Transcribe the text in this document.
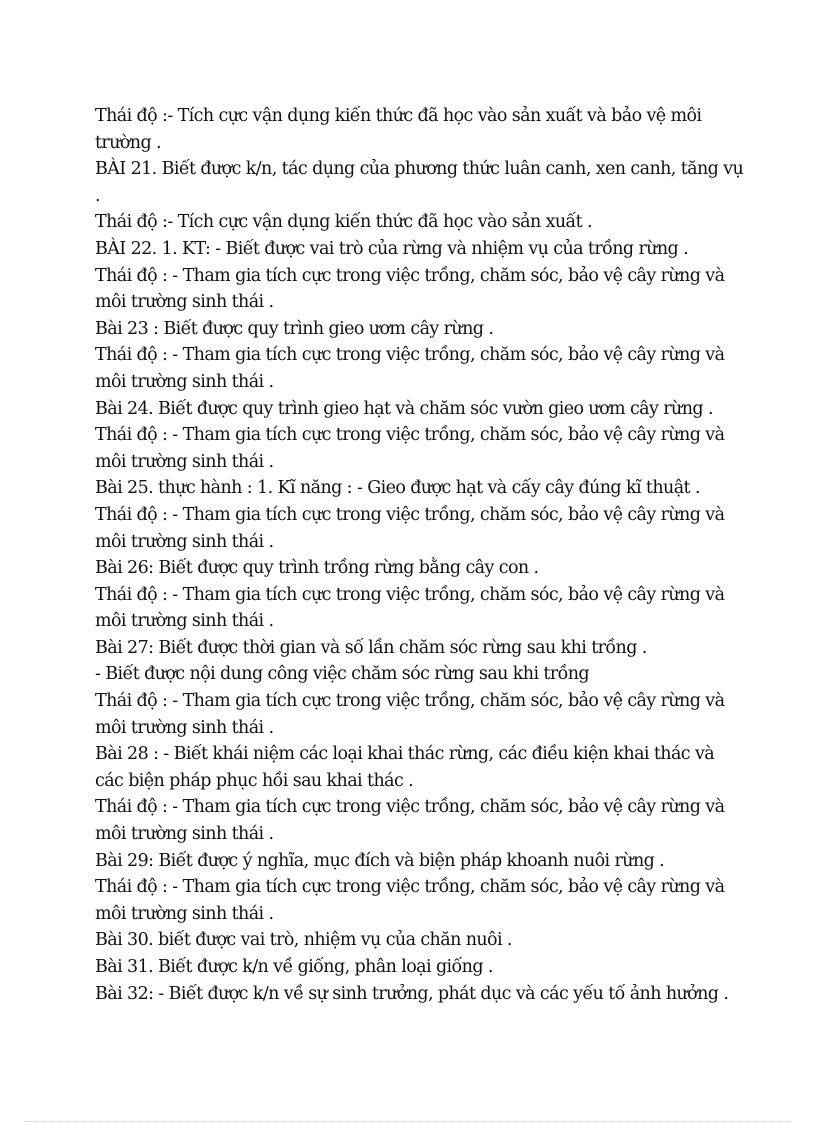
Thái độ :- Tích cực vận dụng kiến thức đã học vào sản xuất và bảo vệ môi
trường .
BÀI 21. Biết được k/n, tác dụng của phương thức luân canh, xen canh, tăng vụ
.
Thái độ :- Tích cực vận dụng kiến thức đã học vào sản xuất .
BÀI 22. 1. KT: - Biết được vai trò của rừng và nhiệm vụ của trồng rừng .
Thái độ : - Tham gia tích cực trong việc trồng, chăm sóc, bảo vệ cây rừng và
môi trường sinh thái .
Bài 23 : Biết được quy trình gieo ươm cây rừng .
Thái độ : - Tham gia tích cực trong việc trồng, chăm sóc, bảo vệ cây rừng và
môi trường sinh thái .
Bài 24. Biết được quy trình gieo hạt và chăm sóc vườn gieo ươm cây rừng .
Thái độ : - Tham gia tích cực trong việc trồng, chăm sóc, bảo vệ cây rừng và
môi trường sinh thái .
Bài 25. thực hành : 1. Kĩ năng : - Gieo được hạt và cấy cây đúng kĩ thuật .
Thái độ : - Tham gia tích cực trong việc trồng, chăm sóc, bảo vệ cây rừng và
môi trường sinh thái .
Bài 26: Biết được quy trình trồng rừng bằng cây con .
Thái độ : - Tham gia tích cực trong việc trồng, chăm sóc, bảo vệ cây rừng và
môi trường sinh thái .
Bài 27: Biết được thời gian và số lần chăm sóc rừng sau khi trồng .
- Biết được nội dung công việc chăm sóc rừng sau khi trồng
Thái độ : - Tham gia tích cực trong việc trồng, chăm sóc, bảo vệ cây rừng và
môi trường sinh thái .
Bài 28 : - Biết khái niệm các loại khai thác rừng, các điều kiện khai thác và
các biện pháp phục hồi sau khai thác .
Thái độ : - Tham gia tích cực trong việc trồng, chăm sóc, bảo vệ cây rừng và
môi trường sinh thái .
Bài 29: Biết được ý nghĩa, mục đích và biện pháp khoanh nuôi rừng .
Thái độ : - Tham gia tích cực trong việc trồng, chăm sóc, bảo vệ cây rừng và
môi trường sinh thái .
Bài 30. biết được vai trò, nhiệm vụ của chăn nuôi .
Bài 31. Biết được k/n về giống, phân loại giống .
Bài 32: - Biết được k/n về sự sinh trưởng, phát dục và các yếu tố ảnh hưởng .
